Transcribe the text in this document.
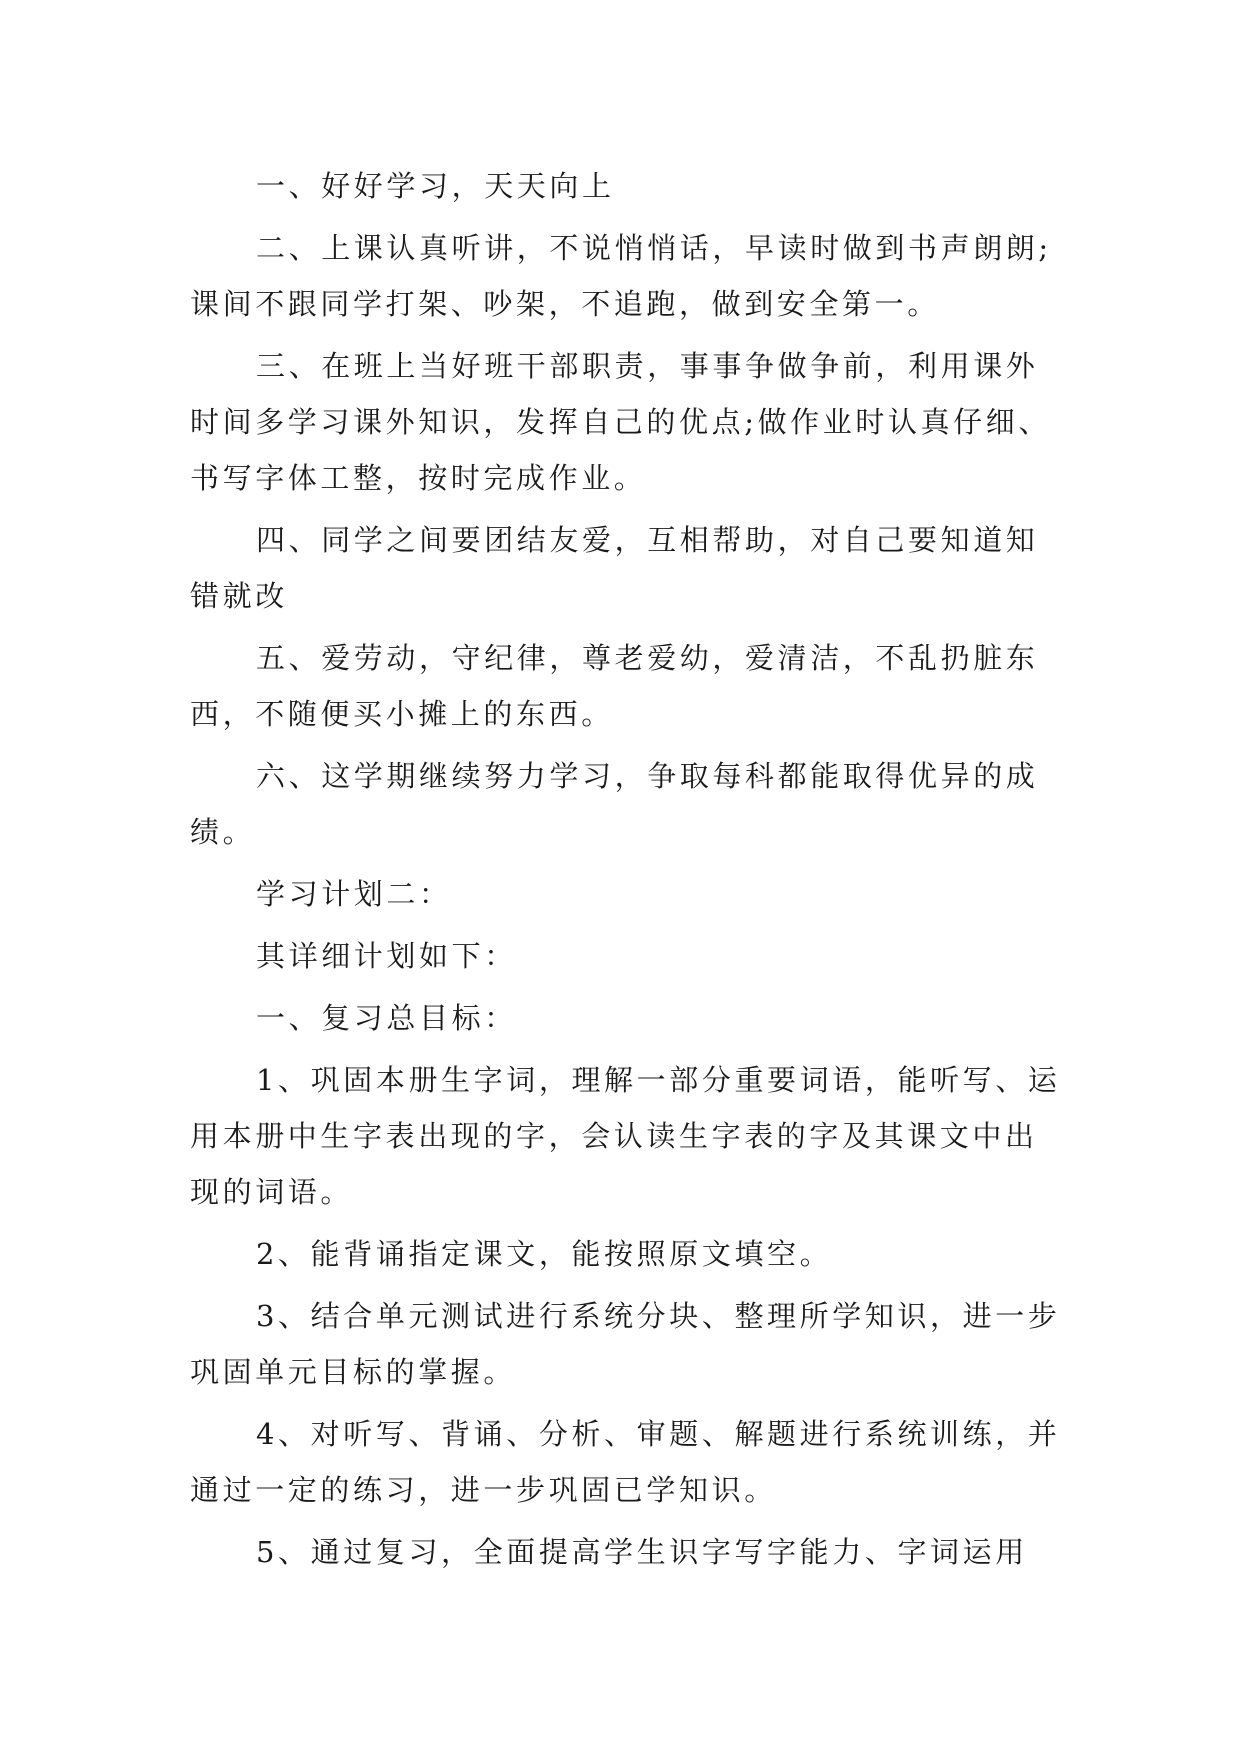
一、好好学习，天天向上

二、上课认真听讲，不说悄悄话，早读时做到书声朗朗;课间不跟同学打架、吵架，不追跑，做到安全第一。

三、在班上当好班干部职责，事事争做争前，利用课外时间多学习课外知识，发挥自己的优点;做作业时认真仔细、书写字体工整，按时完成作业。

四、同学之间要团结友爱，互相帮助，对自己要知道知错就改

五、爱劳动，守纪律，尊老爱幼，爱清洁，不乱扔脏东西，不随便买小摊上的东西。

六、这学期继续努力学习，争取每科都能取得优异的成绩。

学习计划二：

其详细计划如下：

一、复习总目标：

1、巩固本册生字词，理解一部分重要词语，能听写、运用本册中生字表出现的字，会认读生字表的字及其课文中出现的词语。

2、能背诵指定课文，能按照原文填空。

3、结合单元测试进行系统分块、整理所学知识，进一步巩固单元目标的掌握。

4、对听写、背诵、分析、审题、解题进行系统训练，并通过一定的练习，进一步巩固已学知识。

5、通过复习，全面提高学生识字写字能力、字词运用
